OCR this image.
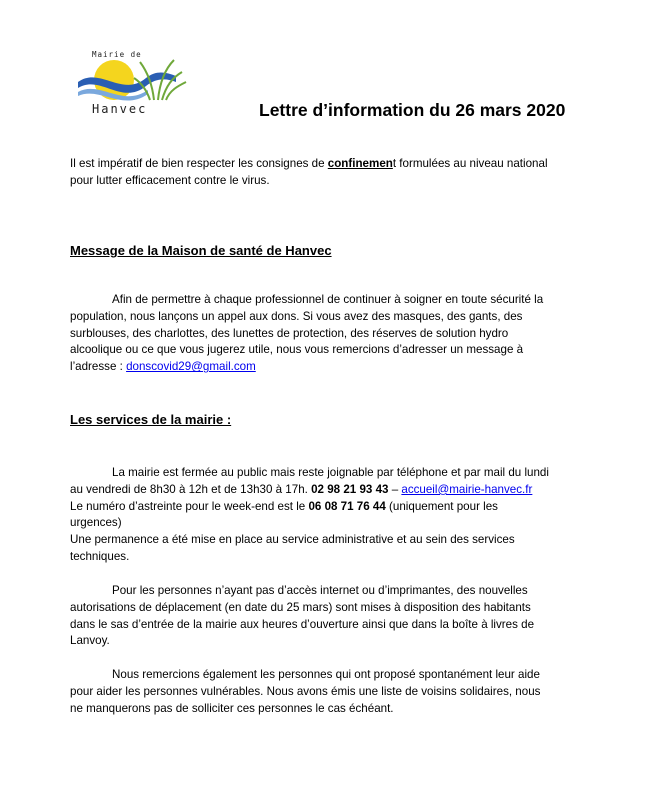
Mairie de
Hanvec	Lettre d’information du 26 mars 2020
Il est impératif de bien respecter les consignes de confinement formulées au niveau national
pour lutter efficacement contre le virus.
Message de la Maison de santé de Hanvec
Afin de permettre à chaque professionnel de continuer à soigner en toute sécurité la
population, nous lançons un appel aux dons. Si vous avez des masques, des gants, des
surblouses, des charlottes, des lunettes de protection, des réserves de solution hydro
alcoolique ou ce que vous jugerez utile, nous vous remercions d’adresser un message à
l’adresse : donscovid29@gmail.com
Les services de la mairie :
La mairie est fermée au public mais reste joignable par téléphone et par mail du lundi
au vendredi de 8h30 à 12h et de 13h30 à 17h. 02 98 21 93 43 – accueil@mairie-hanvec.fr
Le numéro d’astreinte pour le week-end est le 06 08 71 76 44 (uniquement pour les
urgences)
Une permanence a été mise en place au service administrative et au sein des services
techniques.
Pour les personnes n’ayant pas d’accès internet ou d’imprimantes, des nouvelles
autorisations de déplacement (en date du 25 mars) sont mises à disposition des habitants
dans le sas d’entrée de la mairie aux heures d’ouverture ainsi que dans la boîte à livres de
Lanvoy.
Nous remercions également les personnes qui ont proposé spontanément leur aide
pour aider les personnes vulnérables. Nous avons émis une liste de voisins solidaires, nous
ne manquerons pas de solliciter ces personnes le cas échéant.
